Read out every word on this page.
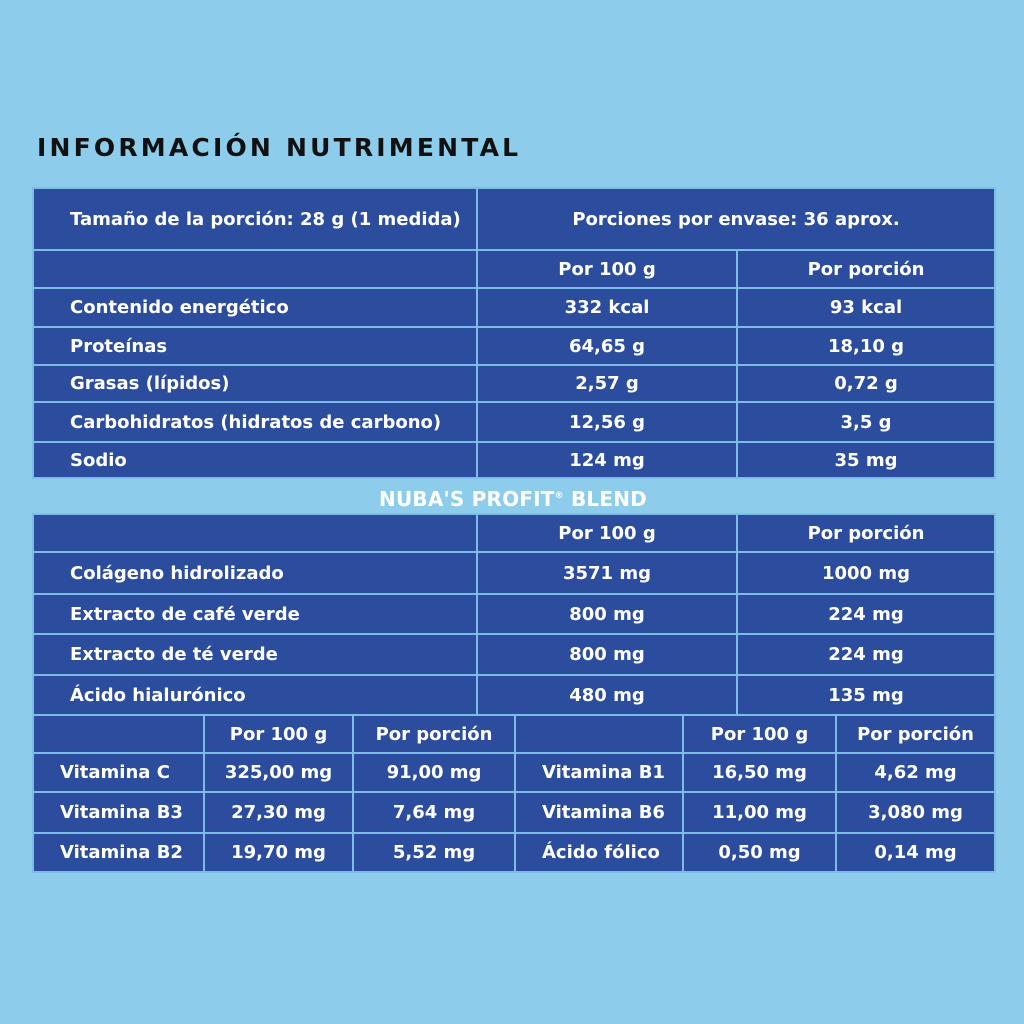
INFORMACIÓN NUTRIMENTAL
Tamaño de la porción: 28 g (1 medida)	Porciones por envase: 36 aprox.	
	Por 100 g	Por porción
Contenido energético	332 kcal	93 kcal
Proteínas	64,65 g	18,10 g
Grasas (lípidos)	2,57 g	0,72 g
Carbohidratos (hidratos de carbono)	12,56 g	3,5 g
Sodio	124 mg	35 mg
NUBA'S PROFIT® BLEND
	Por 100 g	Por porción
Colágeno hidrolizado	3571 mg	1000 mg
Extracto de café verde	800 mg	224 mg
Extracto de té verde	800 mg	224 mg
Ácido hialurónico	480 mg	135 mg
	Por 100 g	Por porción		Por 100 g	Por porción
Vitamina C	325,00 mg	91,00 mg	Vitamina B1	16,50 mg	4,62 mg
Vitamina B3	27,30 mg	7,64 mg	Vitamina B6	11,00 mg	3,080 mg
Vitamina B2	19,70 mg	5,52 mg	Ácido fólico	0,50 mg	0,14 mg
